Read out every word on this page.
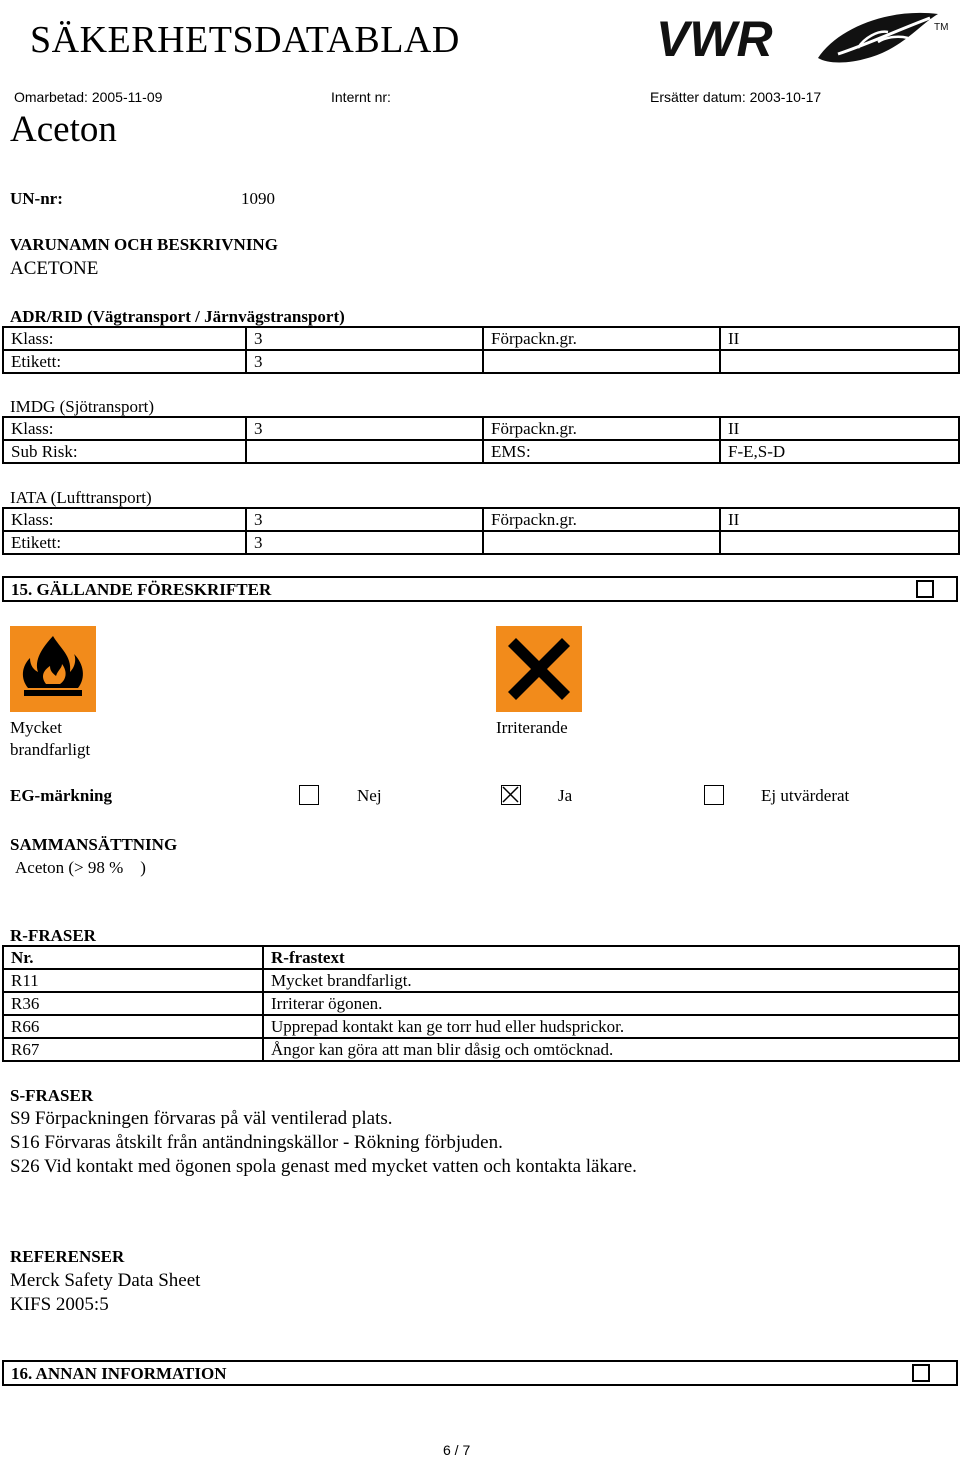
SÄKERHETSDATABLAD	VWR	TM
Omarbetad: 2005-11-09	Internt nr:	Ersätter datum: 2003-10-17
Aceton
UN-nr:	1090
VARUNAMN OCH BESKRIVNING
ACETONE
ADR/RID (Vägtransport / Järnvägstransport)
Klass:	3	Förpackn.gr.	II
Etikett:	3		
IMDG (Sjötransport)
Klass:	3	Förpackn.gr.	II
Sub Risk:		EMS:	F-E,S-D
IATA (Lufttransport)
Klass:	3	Förpackn.gr.	II
Etikett:	3		
15. GÄLLANDE FÖRESKRIFTER
Mycket
brandfarligt
Irriterande
EG-märkning	Nej	Ja	Ej utvärderat
SAMMANSÄTTNING
Aceton (> 98 %    )
R-FRASER
Nr.	R-frastext
R11	Mycket brandfarligt.
R36	Irriterar ögonen.
R66	Upprepad kontakt kan ge torr hud eller hudsprickor.
R67	Ångor kan göra att man blir dåsig och omtöcknad.
S-FRASER
S9 Förpackningen förvaras på väl ventilerad plats.
S16 Förvaras åtskilt från antändningskällor - Rökning förbjuden.
S26 Vid kontakt med ögonen spola genast med mycket vatten och kontakta läkare.
REFERENSER
Merck Safety Data Sheet
KIFS 2005:5
16. ANNAN INFORMATION
6 / 7
